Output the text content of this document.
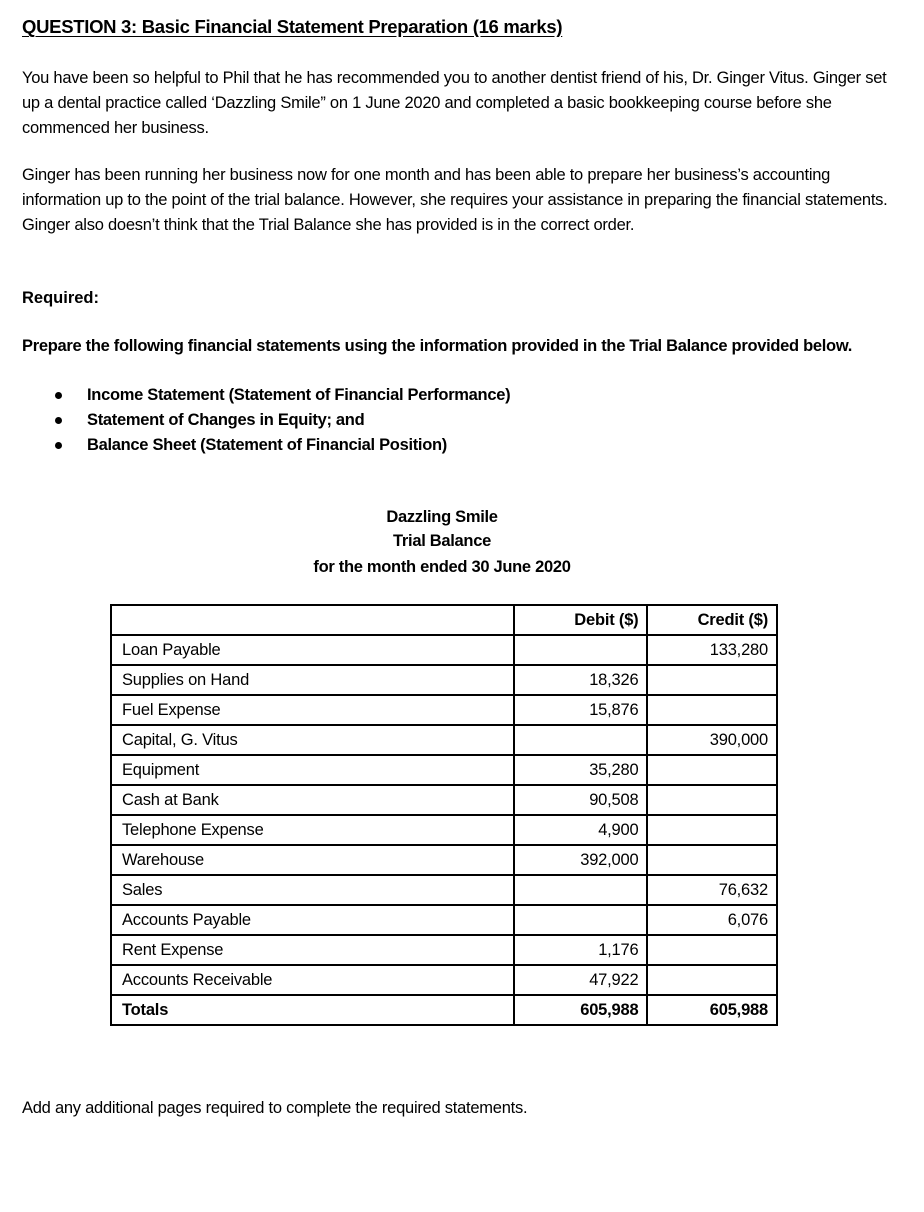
QUESTION 3: Basic Financial Statement Preparation (16 marks)

You have been so helpful to Phil that he has recommended you to another dentist friend of his, Dr. Ginger Vitus. Ginger set up a dental practice called ‘Dazzling Smile” on 1 June 2020 and completed a basic bookkeeping course before she commenced her business.

Ginger has been running her business now for one month and has been able to prepare her business’s accounting information up to the point of the trial balance. However, she requires your assistance in preparing the financial statements. Ginger also doesn’t think that the Trial Balance she has provided is in the correct order.

Required:

Prepare the following financial statements using the information provided in the Trial Balance provided below.

Income Statement (Statement of Financial Performance)
Statement of Changes in Equity; and
Balance Sheet (Statement of Financial Position)
Dazzling Smile
Trial Balance
for the month ended 30 June 2020
	Debit ($)	Credit ($)
Loan Payable		133,280
Supplies on Hand	18,326	
Fuel Expense	15,876	
Capital, G. Vitus		390,000
Equipment	35,280	
Cash at Bank	90,508	
Telephone Expense	4,900	
Warehouse	392,000	
Sales		76,632
Accounts Payable		6,076
Rent Expense	1,176	
Accounts Receivable	47,922	
Totals	605,988	605,988
Add any additional pages required to complete the required statements.
